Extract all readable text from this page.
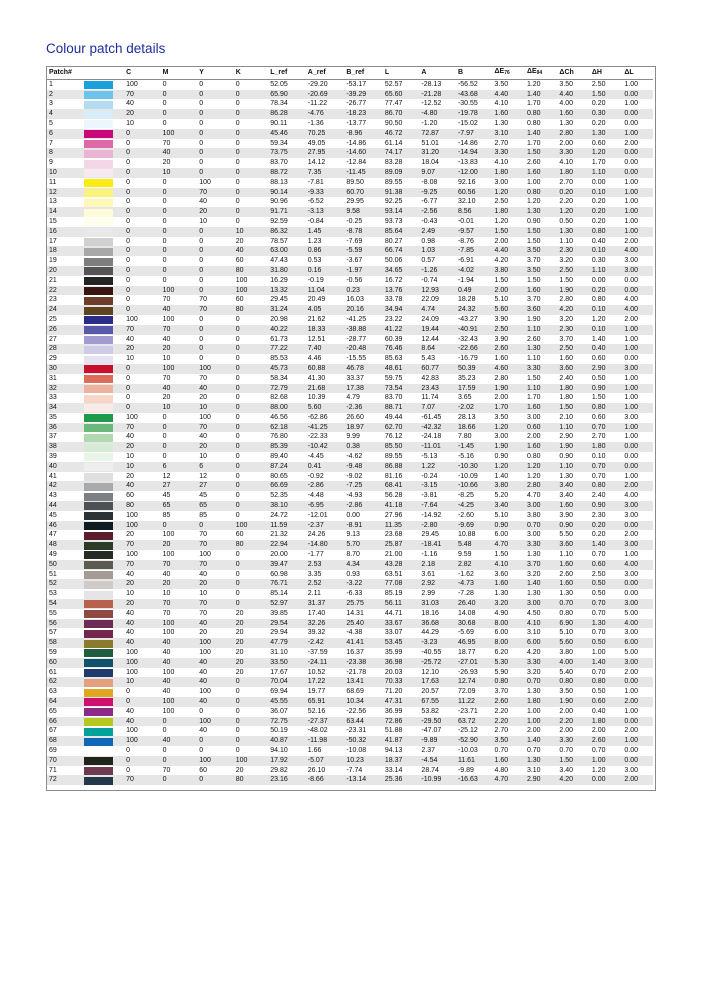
Colour patch details
Patch#		C	M	Y	K	L_ref	A_ref	B_ref	L	A	B	$\Delta E_{76}$	$\Delta E_{94}$	ΔCh	ΔH	ΔL
1		100	0	0	0	52.05	-29.20	-53.17	52.57	-28.13	-56.52	3.50	1.20	3.50	2.50	1.00
2		70	0	0	0	65.90	-20.69	-39.29	65.60	-21.28	-43.68	4.40	1.40	4.40	1.50	0.00
3		40	0	0	0	78.34	-11.22	-26.77	77.47	-12.52	-30.55	4.10	1.70	4.00	0.20	1.00
4		20	0	0	0	86.28	-4.76	-18.23	86.70	-4.80	-19.78	1.60	0.80	1.60	0.30	0.00
5		10	0	0	0	90.11	-1.36	-13.77	90.50	-1.20	-15.02	1.30	0.80	1.30	0.20	0.00
6		0	100	0	0	45.46	70.25	-8.96	46.72	72.87	-7.97	3.10	1.40	2.80	1.30	1.00
7		0	70	0	0	59.34	49.05	-14.86	61.14	51.01	-14.86	2.70	1.70	2.00	0.60	2.00
8		0	40	0	0	73.75	27.95	-14.60	74.17	31.20	-14.94	3.30	1.50	3.30	1.20	0.00
9		0	20	0	0	83.70	14.12	-12.84	83.28	18.04	-13.83	4.10	2.60	4.10	1.70	0.00
10		0	10	0	0	88.72	7.35	-11.45	89.09	9.07	-12.00	1.80	1.60	1.80	1.10	0.00
11		0	0	100	0	88.13	-7.81	89.50	89.55	-8.08	92.16	3.00	1.00	2.70	0.00	1.00
12		0	0	70	0	90.14	-9.33	60.70	91.38	-9.25	60.56	1.20	0.80	0.20	0.10	1.00
13		0	0	40	0	90.96	-6.52	29.95	92.25	-6.77	32.10	2.50	1.20	2.20	0.20	1.00
14		0	0	20	0	91.71	-3.13	9.58	93.14	-2.56	8.56	1.80	1.30	1.20	0.20	1.00
15		0	0	10	0	92.59	-0.84	-0.25	93.73	-0.43	-0.01	1.20	0.90	0.50	0.20	1.00
16		0	0	0	10	86.32	1.45	-8.78	85.64	2.49	-9.57	1.50	1.50	1.30	0.80	1.00
17		0	0	0	20	78.57	1.23	-7.69	80.27	0.98	-8.76	2.00	1.50	1.10	0.40	2.00
18		0	0	0	40	63.00	0.86	-5.59	66.74	1.03	-7.85	4.40	3.50	2.30	0.10	4.00
19		0	0	0	60	47.43	0.53	-3.67	50.06	0.57	-6.91	4.20	3.70	3.20	0.30	3.00
20		0	0	0	80	31.80	0.16	-1.97	34.65	-1.26	-4.02	3.80	3.50	2.50	1.10	3.00
21		0	0	0	100	16.29	-0.19	-0.56	16.72	-0.74	-1.94	1.50	1.50	1.50	0.00	0.00
22		0	100	0	100	13.32	11.04	0.23	13.76	12.93	0.49	2.00	1.60	1.90	0.20	0.00
23		0	70	70	60	29.45	20.49	16.03	33.78	22.09	18.28	5.10	3.70	2.80	0.80	4.00
24		0	40	70	80	31.24	4.05	20.16	34.94	4.74	24.32	5.60	3.60	4.20	0.10	4.00
25		100	100	0	0	20.98	21.62	-41.25	23.22	24.09	-43.27	3.90	1.90	3.20	1.20	2.00
26		70	70	0	0	40.22	18.33	-38.88	41.22	19.44	-40.91	2.50	1.10	2.30	0.10	1.00
27		40	40	0	0	61.73	12.51	-28.77	60.39	12.44	-32.43	3.90	2.60	3.70	1.40	1.00
28		20	20	0	0	77.22	7.40	-20.48	76.46	8.64	-22.66	2.60	1.30	2.50	0.40	1.00
29		10	10	0	0	85.53	4.46	-15.55	85.63	5.43	-16.79	1.60	1.10	1.60	0.60	0.00
30		0	100	100	0	45.73	60.88	46.78	48.61	60.77	50.39	4.60	3.30	3.60	2.90	3.00
31		0	70	70	0	58.34	41.30	33.37	59.75	42.83	35.23	2.80	1.50	2.40	0.50	1.00
32		0	40	40	0	72.79	21.68	17.38	73.54	23.43	17.59	1.90	1.10	1.80	0.90	1.00
33		0	20	20	0	82.68	10.39	4.79	83.70	11.74	3.65	2.00	1.70	1.80	1.50	1.00
34		0	10	10	0	88.00	5.60	-2.36	88.71	7.07	-2.02	1.70	1.60	1.50	0.80	1.00
35		100	0	100	0	46.56	-62.86	26.60	49.44	-61.45	28.13	3.50	3.00	2.10	0.60	3.00
36		70	0	70	0	62.18	-41.25	18.97	62.70	-42.32	18.66	1.20	0.60	1.10	0.70	1.00
37		40	0	40	0	76.80	-22.33	9.99	76.12	-24.18	7.80	3.00	2.00	2.90	2.70	1.00
38		20	0	20	0	85.39	-10.42	0.38	85.50	-11.01	-1.45	1.90	1.60	1.90	1.80	0.00
39		10	0	10	0	89.40	-4.45	-4.62	89.55	-5.13	-5.16	0.90	0.80	0.90	0.10	0.00
40		10	6	6	0	87.24	0.41	-9.48	86.88	1.22	-10.30	1.20	1.20	1.10	0.70	0.00
41		20	12	12	0	80.65	-0.92	-9.02	81.16	-0.24	-10.09	1.40	1.20	1.30	0.70	1.00
42		40	27	27	0	66.69	-2.86	-7.25	68.41	-3.15	-10.66	3.80	2.80	3.40	0.80	2.00
43		60	45	45	0	52.35	-4.48	-4.93	56.28	-3.81	-8.25	5.20	4.70	3.40	2.40	4.00
44		80	65	65	0	38.10	-6.95	-2.86	41.18	-7.64	-4.25	3.40	3.00	1.60	0.90	3.00
45		100	85	85	0	24.72	-12.01	0.00	27.96	-14.92	-2.60	5.10	3.80	3.90	2.30	3.00
46		100	0	0	100	11.59	-2.37	-8.91	11.35	-2.80	-9.69	0.90	0.70	0.90	0.20	0.00
47		20	100	70	60	21.32	24.26	9.13	23.68	29.45	10.88	6.00	3.00	5.50	0.20	2.00
48		70	20	70	80	22.94	-14.80	5.70	25.87	-18.41	5.48	4.70	3.30	3.60	1.40	3.00
49		100	100	100	0	20.00	-1.77	8.70	21.00	-1.16	9.59	1.50	1.30	1.10	0.70	1.00
50		70	70	70	0	39.47	2.53	4.34	43.28	2.18	2.82	4.10	3.70	1.60	0.60	4.00
51		40	40	40	0	60.98	3.35	0.93	63.51	3.61	-1.62	3.60	3.20	2.60	2.50	3.00
52		20	20	20	0	76.71	2.52	-3.22	77.08	2.92	-4.73	1.60	1.40	1.60	0.50	0.00
53		10	10	10	0	85.14	2.11	-6.33	85.19	2.99	-7.28	1.30	1.30	1.30	0.50	0.00
54		20	70	70	0	52.97	31.37	25.75	56.11	31.03	26.40	3.20	3.00	0.70	0.70	3.00
55		40	70	70	20	39.85	17.40	14.31	44.71	18.16	14.08	4.90	4.50	0.80	0.70	5.00
56		40	100	40	20	29.54	32.26	25.40	33.67	36.68	30.68	8.00	4.10	6.90	1.30	4.00
57		40	100	20	20	29.94	39.32	-4.38	33.07	44.29	-5.69	6.00	3.10	5.10	0.70	3.00
58		40	40	100	20	47.79	-2.42	41.41	53.45	-3.23	46.95	8.00	6.00	5.60	0.50	6.00
59		100	40	100	20	31.10	-37.59	16.37	35.99	-40.55	18.77	6.20	4.20	3.80	1.00	5.00
60		100	40	40	20	33.50	-24.11	-23.38	36.98	-25.72	-27.01	5.30	3.30	4.00	1.40	3.00
61		100	100	40	20	17.67	10.52	-21.78	20.03	12.10	-26.93	5.90	3.20	5.40	0.70	2.00
62		10	40	40	0	70.04	17.22	13.41	70.33	17.63	12.74	0.80	0.70	0.80	0.80	0.00
63		0	40	100	0	69.94	19.77	68.69	71.20	20.57	72.09	3.70	1.30	3.50	0.50	1.00
64		0	100	40	0	45.55	65.91	10.34	47.31	67.55	11.22	2.60	1.80	1.90	0.60	2.00
65		40	100	0	0	36.07	52.16	-22.56	36.99	53.82	-23.71	2.20	1.00	2.00	0.40	1.00
66		40	0	100	0	72.75	-27.37	63.44	72.86	-29.50	63.72	2.20	1.00	2.20	1.80	0.00
67		100	0	40	0	50.19	-48.02	-23.31	51.88	-47.07	-25.12	2.70	2.00	2.00	2.00	2.00
68		100	40	0	0	40.87	-11.98	-50.32	41.87	-9.89	-52.90	3.50	1.40	3.30	2.60	1.00
69		0	0	0	0	94.10	1.66	-10.08	94.13	2.37	-10.03	0.70	0.70	0.70	0.70	0.00
70		0	0	100	100	17.92	-5.07	10.23	18.37	-4.54	11.61	1.60	1.30	1.50	1.00	0.00
71		0	70	60	20	29.82	26.10	-7.74	33.14	28.74	-9.89	4.80	3.10	3.40	1.20	3.00
72		70	0	0	80	23.16	-8.66	-13.14	25.36	-10.99	-16.63	4.70	2.90	4.20	0.00	2.00
